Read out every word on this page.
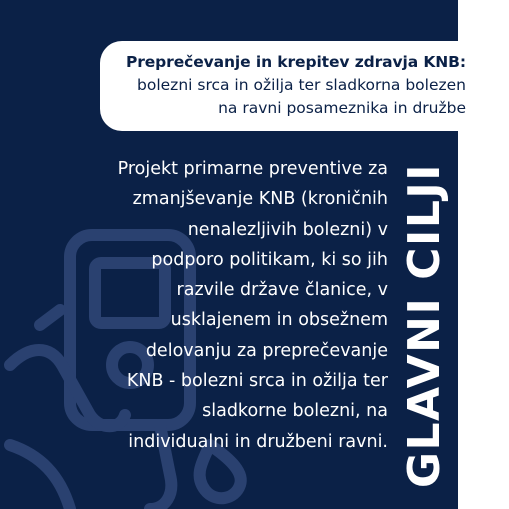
Projekt primarne preventive za
zmanjševanje KNB (kroničnih
nenalezljivih bolezni) v
podporo politikam, ki so jih
razvile države članice, v
usklajenem in obsežnem
delovanju za preprečevanje
KNB - bolezni srca in ožilja ter
sladkorne bolezni, na
individualni in družbeni ravni. GLAVNI CILJI
Preprečevanje in krepitev zdravja KNB:
bolezni srca in ožilja ter sladkorna bolezen
na ravni posameznika in družbe
